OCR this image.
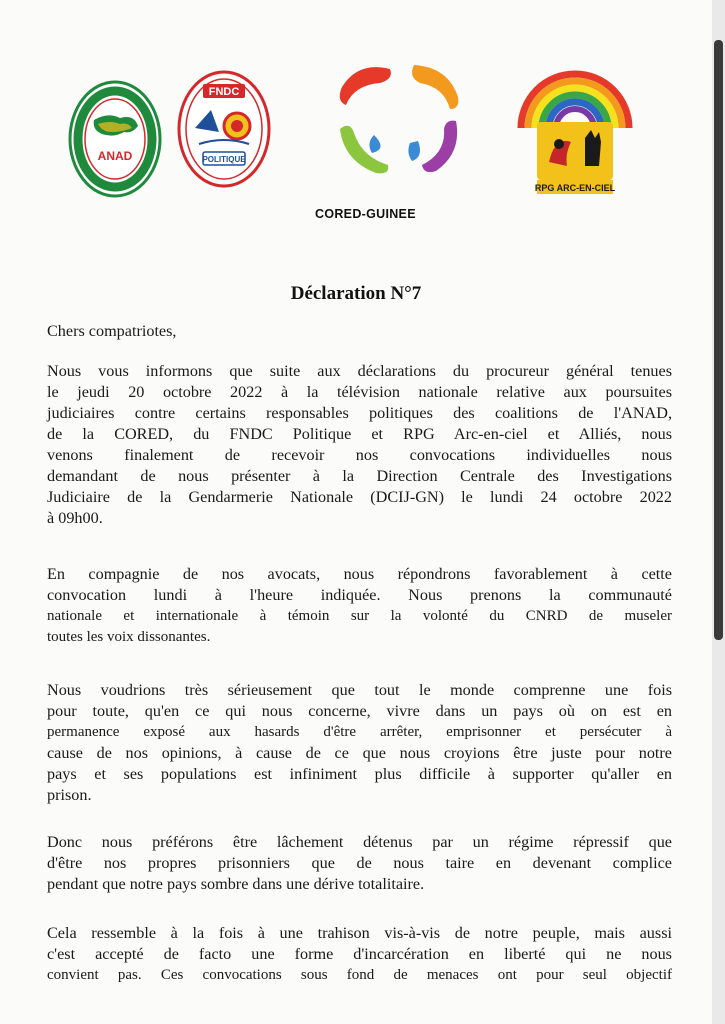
ANAD
FNDC
POLITIQUE
RPG ARC-EN-CIEL
CORED-GUINEE
Déclaration N°7
Chers compatriotes,
Nous vous informons que suite aux déclarations du procureur général tenues
le jeudi 20 octobre 2022 à la télévision nationale relative aux poursuites
judiciaires contre certains responsables politiques des coalitions de l'ANAD,
de la CORED, du FNDC Politique et RPG Arc-en-ciel et Alliés, nous
venons finalement de recevoir nos convocations individuelles nous
demandant de nous présenter à la Direction Centrale des Investigations
Judiciaire de la Gendarmerie Nationale (DCIJ-GN) le lundi 24 octobre 2022
à 09h00.
En compagnie de nos avocats, nous répondrons favorablement à cette
convocation lundi à l'heure indiquée. Nous prenons la communauté
nationale et internationale à témoin sur la volonté du CNRD de museler
toutes les voix dissonantes.
Nous voudrions très sérieusement que tout le monde comprenne une fois
pour toute, qu'en ce qui nous concerne, vivre dans un pays où on est en
permanence exposé aux hasards d'être arrêter, emprisonner et persécuter à
cause de nos opinions, à cause de ce que nous croyions être juste pour notre
pays et ses populations est infiniment plus difficile à supporter qu'aller en
prison.
Donc nous préférons être lâchement détenus par un régime répressif que
d'être nos propres prisonniers que de nous taire en devenant complice
pendant que notre pays sombre dans une dérive totalitaire.
Cela ressemble à la fois à une trahison vis-à-vis de notre peuple, mais aussi
c'est accepté de facto une forme d'incarcération en liberté qui ne nous
convient pas. Ces convocations sous fond de menaces ont pour seul objectif
